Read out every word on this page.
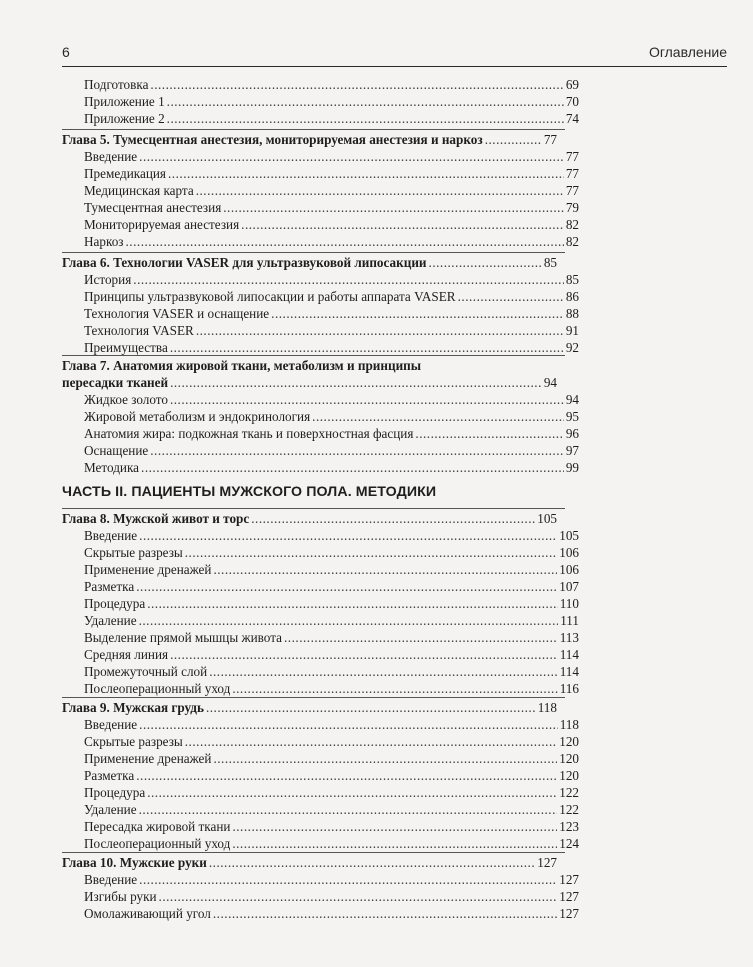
6	Оглавление
Подготовка . . .	69
Приложение 1 . . .	70
Приложение 2 . . .	74
Глава 5. Тумесцентная анестезия, мониторируемая анестезия и наркоз . . .	77
Введение . . .	77
Премедикация . . .	77
Медицинская карта . . .	77
Тумесцентная анестезия . . .	79
Мониторируемая анестезия . . .	82
Наркоз . . .	82
Глава 6. Технологии VASER для ультразвуковой липосакции . . .	85
История . . .	85
Принципы ультразвуковой липосакции и работы аппарата VASER . . .	86
Технология VASER и оснащение . . .	88
Технология VASER . . .	91
Преимущества . . .	92
Глава 7. Анатомия жировой ткани, метаболизм и принципы
пересадки тканей . . .	94
Жидкое золото . . .	94
Жировой метаболизм и эндокринология . . .	95
Анатомия жира: подкожная ткань и поверхностная фасция . . .	96
Оснащение . . .	97
Методика . . .	99
ЧАСТЬ II. ПАЦИЕНТЫ МУЖСКОГО ПОЛА. МЕТОДИКИ
Глава 8. Мужской живот и торс . . .	105
Введение . . .	105
Скрытые разрезы . . .	106
Применение дренажей . . .	106
Разметка . . .	107
Процедура . . .	110
Удаление . . .	111
Выделение прямой мышцы живота . . .	113
Средняя линия . . .	114
Промежуточный слой . . .	114
Послеоперационный уход . . .	116
Глава 9. Мужская грудь . . .	118
Введение . . .	118
Скрытые разрезы . . .	120
Применение дренажей . . .	120
Разметка . . .	120
Процедура . . .	122
Удаление . . .	122
Пересадка жировой ткани . . .	123
Послеоперационный уход . . .	124
Глава 10. Мужские руки . . .	127
Введение . . .	127
Изгибы руки . . .	127
Омолаживающий угол . . .	127
